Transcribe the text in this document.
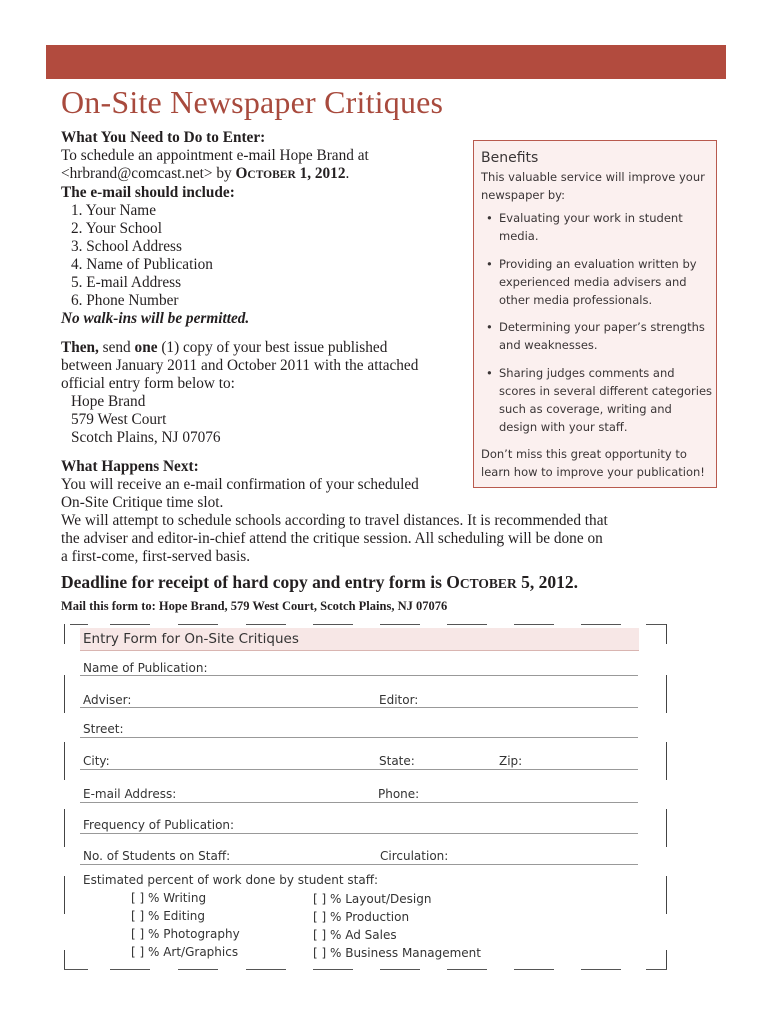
On-Site Newspaper Critiques
What You Need to Do to Enter:
To schedule an appointment e-mail Hope Brand at
<hrbrand@comcast.net> by OCTOBER 1, 2012.
The e-mail should include:
1. Your Name
2. Your School
3. School Address
4. Name of Publication
5. E-mail Address
6. Phone Number
No walk-ins will be permitted.
Then, send one (1) copy of your best issue published
between January 2011 and October 2011 with the attached
official entry form below to:
Hope Brand
579 West Court
Scotch Plains, NJ 07076
What Happens Next:
You will receive an e-mail confirmation of your scheduled
On-Site Critique time slot.
We will attempt to schedule schools according to travel distances. It is recommended that
the adviser and editor-in-chief attend the critique session. All scheduling will be done on
a first-come, first-served basis.
Benefits

This valuable service will improve your newspaper by:

• Evaluating your work in student media.
• Providing an evaluation written by experienced media advisers and other media professionals.
• Determining your paper’s strengths and weaknesses.
• Sharing judges comments and scores in several different categories such as coverage, writing and design with your staff.

Don’t miss this great opportunity to learn how to improve your publication!

Deadline for receipt of hard copy and entry form is OCTOBER 5, 2012.
Mail this form to: Hope Brand, 579 West Court, Scotch Plains, NJ 07076
Entry Form for On-Site Critiques
Name of Publication:
Adviser:	Editor:
Street:
City:	State:	Zip:
E-mail Address:	Phone:
Frequency of Publication:
No. of Students on Staff:	Circulation:
Estimated percent of work done by student staff:
[ ] % Writing
[ ] % Editing
[ ] % Photography
[ ] % Art/Graphics
[ ] % Layout/Design
[ ] % Production
[ ] % Ad Sales
[ ] % Business Management
